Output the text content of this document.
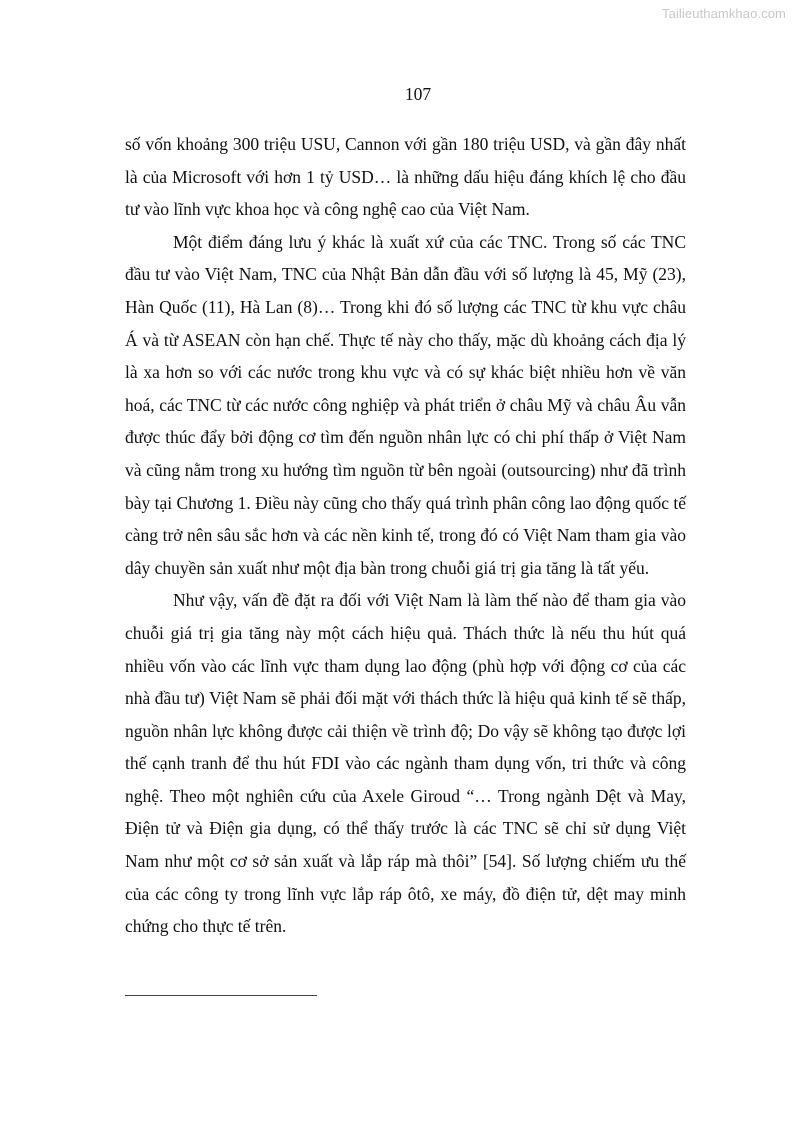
Tailieuthamkhao.com
107

số vốn khoảng 300 triệu USU, Cannon với gần 180 triệu USD, và gần đây nhất là của Microsoft với hơn 1 tỷ USD… là những dấu hiệu đáng khích lệ cho đầu tư vào lĩnh vực khoa học và công nghệ cao của Việt Nam.

Một điểm đáng lưu ý khác là xuất xứ của các TNC. Trong số các TNC đầu tư vào Việt Nam, TNC của Nhật Bản dẫn đầu với số lượng là 45, Mỹ (23), Hàn Quốc (11), Hà Lan (8)… Trong khi đó số lượng các TNC từ khu vực châu Á và từ ASEAN còn hạn chế. Thực tế này cho thấy, mặc dù khoảng cách địa lý là xa hơn so với các nước trong khu vực và có sự khác biệt nhiều hơn về văn hoá, các TNC từ các nước công nghiệp và phát triển ở châu Mỹ và châu Âu vẫn được thúc đẩy bởi động cơ tìm đến nguồn nhân lực có chi phí thấp ở Việt Nam và cũng nằm trong xu hướng tìm nguồn từ bên ngoài (outsourcing) như đã trình bày tại Chương 1. Điều này cũng cho thấy quá trình phân công lao động quốc tế càng trở nên sâu sắc hơn và các nền kinh tế, trong đó có Việt Nam tham gia vào dây chuyền sản xuất như một địa bàn trong chuỗi giá trị gia tăng là tất yếu.

Như vậy, vấn đề đặt ra đối với Việt Nam là làm thế nào để tham gia vào chuỗi giá trị gia tăng này một cách hiệu quả. Thách thức là nếu thu hút quá nhiều vốn vào các lĩnh vực tham dụng lao động (phù hợp với động cơ của các nhà đầu tư) Việt Nam sẽ phải đối mặt với thách thức là hiệu quả kinh tế sẽ thấp, nguồn nhân lực không được cải thiện về trình độ; Do vậy sẽ không tạo được lợi thế cạnh tranh để thu hút FDI vào các ngành tham dụng vốn, tri thức và công nghệ. Theo một nghiên cứu của Axele Giroud “… Trong ngành Dệt và May, Điện tử và Điện gia dụng, có thể thấy trước là các TNC sẽ chỉ sử dụng Việt Nam như một cơ sở sản xuất và lắp ráp mà thôi” [54]. Số lượng chiếm ưu thế của các công ty trong lĩnh vực lắp ráp ôtô, xe máy, đồ điện tử, dệt may minh chứng cho thực tế trên.
